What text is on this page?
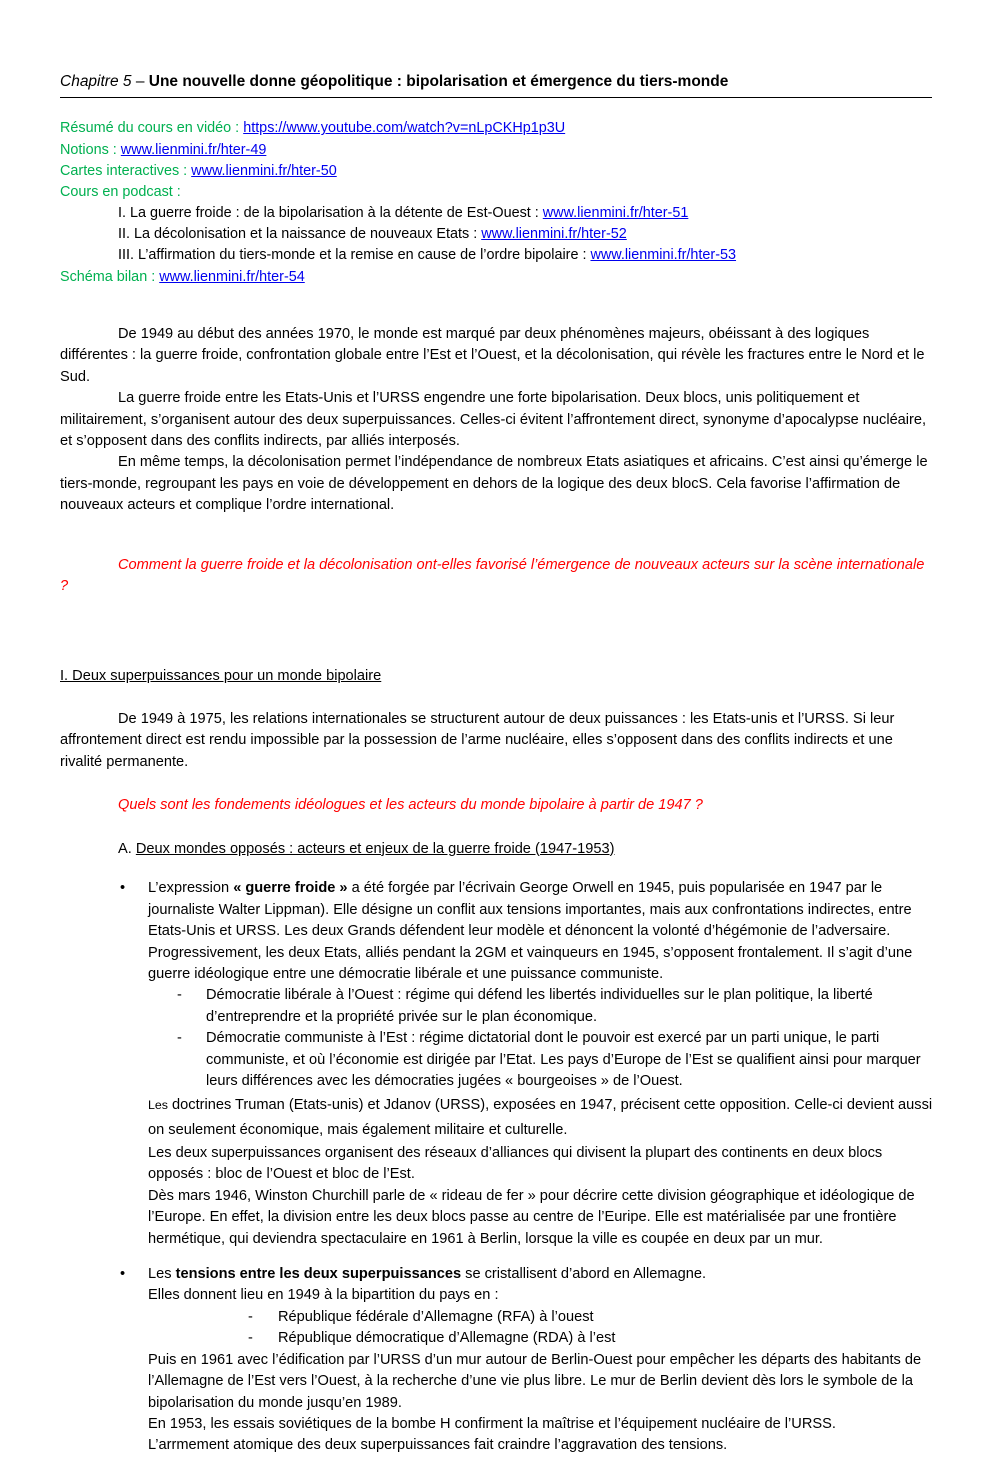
Chapitre 5 – Une nouvelle donne géopolitique : bipolarisation et émergence du tiers-monde
Résumé du cours en vidéo : https://www.youtube.com/watch?v=nLpCKHp1p3U
Notions : www.lienmini.fr/hter-49
Cartes interactives : www.lienmini.fr/hter-50
Cours en podcast :
I. La guerre froide : de la bipolarisation à la détente de Est-Ouest : www.lienmini.fr/hter-51
II. La décolonisation et la naissance de nouveaux Etats : www.lienmini.fr/hter-52
III. L’affirmation du tiers-monde et la remise en cause de l’ordre bipolaire : www.lienmini.fr/hter-53
Schéma bilan : www.lienmini.fr/hter-54

De 1949 au début des années 1970, le monde est marqué par deux phénomènes majeurs, obéissant à des logiques différentes : la guerre froide, confrontation globale entre l’Est et l’Ouest, et la décolonisation, qui révèle les fractures entre le Nord et le Sud.

La guerre froide entre les Etats-Unis et l’URSS engendre une forte bipolarisation. Deux blocs, unis politiquement et militairement, s’organisent autour des deux superpuissances. Celles-ci évitent l’affrontement direct, synonyme d’apocalypse nucléaire, et s’opposent dans des conflits indirects, par alliés interposés.

En même temps, la décolonisation permet l’indépendance de nombreux Etats asiatiques et africains. C’est ainsi qu’émerge le tiers-monde, regroupant les pays en voie de développement en dehors de la logique des deux blocS. Cela favorise l’affirmation de nouveaux acteurs et complique l’ordre international.

Comment la guerre froide et la décolonisation ont-elles favorisé l’émergence de nouveaux acteurs sur la scène internationale ?

I. Deux superpuissances pour un monde bipolaire

De 1949 à 1975, les relations internationales se structurent autour de deux puissances : les Etats-unis et l’URSS. Si leur affrontement direct est rendu impossible par la possession de l’arme nucléaire, elles s’opposent dans des conflits indirects et une rivalité permanente.

Quels sont les fondements idéologues et les acteurs du monde bipolaire à partir de 1947 ?

A. Deux mondes opposés : acteurs et enjeux de la guerre froide (1947-1953)
• L’expression « guerre froide » a été forgée par l’écrivain George Orwell en 1945, puis popularisée en 1947 par le journaliste Walter Lippman). Elle désigne un conflit aux tensions importantes, mais aux confrontations indirectes, entre Etats-Unis et URSS. Les deux Grands défendent leur modèle et dénoncent la volonté d’hégémonie de l’adversaire. Progressivement, les deux Etats, alliés pendant la 2GM et vainqueurs en 1945, s’opposent frontalement. Il s’agit d’une guerre idéologique entre une démocratie libérale et une puissance communiste.

- Démocratie libérale à l’Ouest : régime qui défend les libertés individuelles sur le plan politique, la liberté d’entreprendre et la propriété privée sur le plan économique.
- Démocratie communiste à l’Est : régime dictatorial dont le pouvoir est exercé par un parti unique, le parti communiste, et où l’économie est dirigée par l’Etat. Les pays d’Europe de l’Est se qualifient ainsi pour marquer leurs différences avec les démocraties jugées « bourgeoises » de l’Ouest.
Les doctrines Truman (Etats-unis) et Jdanov (URSS), exposées en 1947, précisent cette opposition. Celle-ci devient aussi on seulement économique, mais également militaire et culturelle.
Les deux superpuissances organisent des réseaux d’alliances qui divisent la plupart des continents en deux blocs opposés : bloc de l’Ouest et bloc de l’Est.
Dès mars 1946, Winston Churchill parle de « rideau de fer » pour décrire cette division géographique et idéologique de l’Europe. En effet, la division entre les deux blocs passe au centre de l’Euripe. Elle est matérialisée par une frontière hermétique, qui deviendra spectaculaire en 1961 à Berlin, lorsque la ville es coupée en deux par un mur.
• Les tensions entre les deux superpuissances se cristallisent d’abord en Allemagne.

Elles donnent lieu en 1949 à la bipartition du pays en :
- République fédérale d’Allemagne (RFA) à l’ouest
- République démocratique d’Allemagne (RDA) à l’est
Puis en 1961 avec l’édification par l’URSS d’un mur autour de Berlin-Ouest pour empêcher les départs des habitants de l’Allemagne de l’Est vers l’Ouest, à la recherche d’une vie plus libre. Le mur de Berlin devient dès lors le symbole de la bipolarisation du monde jusqu’en 1989.
En 1953, les essais soviétiques de la bombe H confirment la maîtrise et l’équipement nucléaire de l’URSS.
L’arrmement atomique des deux superpuissances fait craindre l’aggravation des tensions.
